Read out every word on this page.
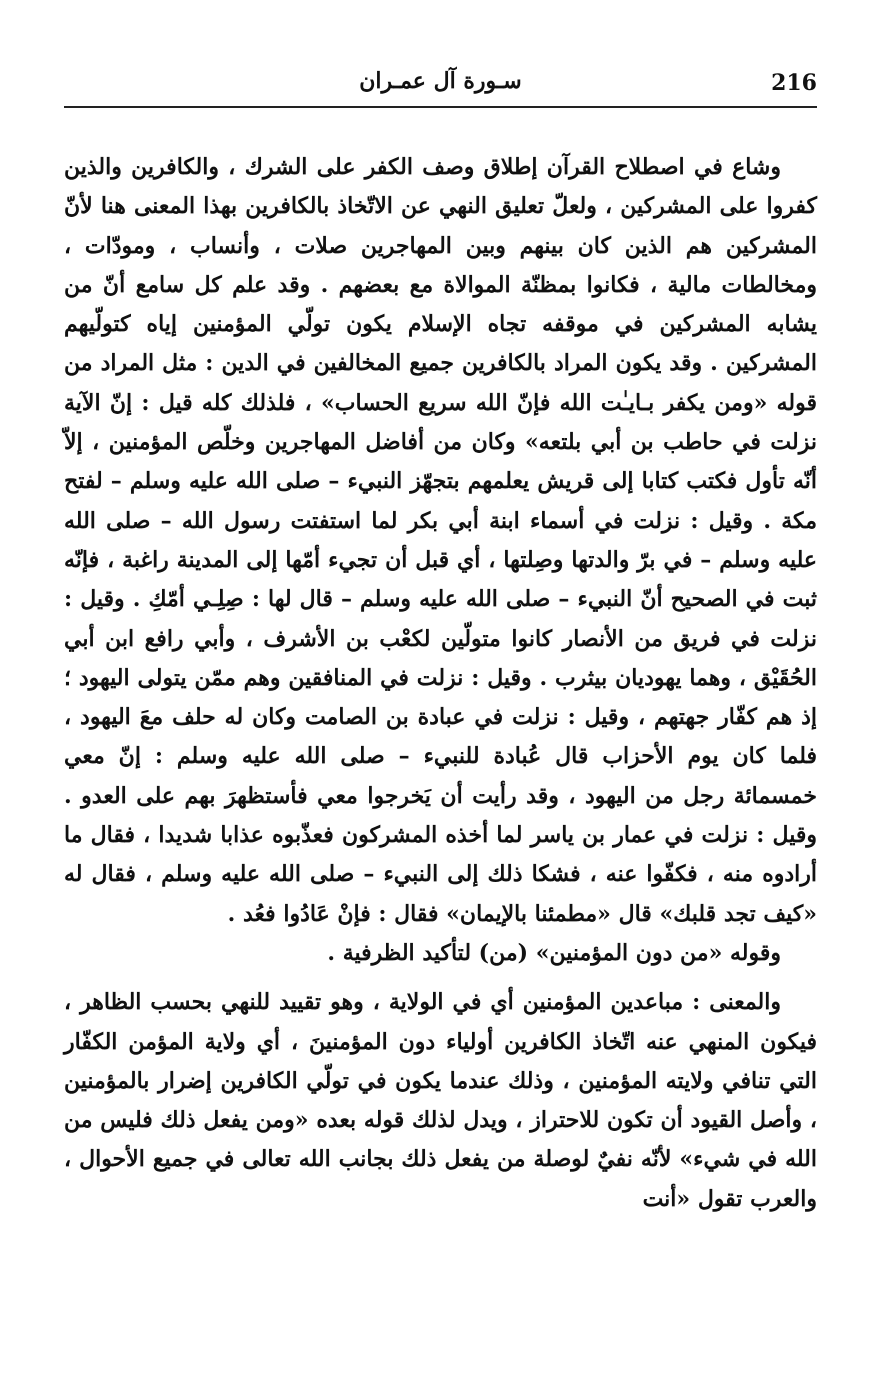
216
سـورة آل عمـران

وشاع في اصطلاح القرآن إطلاق وصف الكفر على الشرك ، والكافرين والذين كفروا على المشركين ، ولعلّ تعليق النهي عن الاتّخاذ بالكافرين بهذا المعنى هنا لأنّ المشركين هم الذين كان بينهم وبين المهاجرين صلات ، وأنساب ، ومودّات ، ومخالطات مالية ، فكانوا بمظنّة الموالاة مع بعضهم . وقد علم كل سامع أنّ من يشابه المشركين في موقفه تجاه الإسلام يكون تولّي المؤمنين إياه كتولّيهم المشركين . وقد يكون المراد بالكافرين جميع المخالفين في الدين : مثل المراد من قوله «ومن يكفر بـايـٰت الله فإنّ الله سريع الحساب» ، فلذلك كله قيل : إنّ الآية نزلت في حاطب بن أبي بلتعه» وكان من أفاضل المهاجرين وخلّص المؤمنين ، إلاّ أنّه تأول فكتب كتابا إلى قريش يعلمهم بتجهّز النبيء – صلى الله عليه وسلم – لفتح مكة . وقيل : نزلت في أسماء ابنة أبي بكر لما استفتت رسول الله – صلى الله عليه وسلم – في برّ والدتها وصِلتها ، أي قبل أن تجيء أمّها إلى المدينة راغبة ، فإنّه ثبت في الصحيح أنّ النبيء – صلى الله عليه وسلم – قال لها : صِلِـي أمّكِ . وقيل : نزلت في فريق من الأنصار كانوا متولّين لكعْب بن الأشرف ، وأبي رافع ابن أبي الحُقَيْق ، وهما يهوديان بيثرب . وقيل : نزلت في المنافقين وهم ممّن يتولى اليهود ؛ إذ هم كفّار جهتهم ، وقيل : نزلت في عبادة بن الصامت وكان له حلف معَ اليهود ، فلما كان يوم الأحزاب قال عُبادة للنبيء – صلى الله عليه وسلم : إنّ معي خمسمائة رجل من اليهود ، وقد رأيت أن يَخرجوا معي فأستظهرَ بهم على العدو . وقيل : نزلت في عمار بن ياسر لما أخذه المشركون فعذّبوه عذابا شديدا ، فقال ما أرادوه منه ، فكفّوا عنه ، فشكا ذلك إلى النبيء – صلى الله عليه وسلم ، فقال له «كيف تجد قلبك» قال «مطمئنا بالإيمان» فقال : فإنْ عَادُوا فعُد .

وقوله «من دون المؤمنين» (من) لتأكيد الظرفية .

والمعنى : مباعدين المؤمنين أي في الولاية ، وهو تقييد للنهي بحسب الظاهر ، فيكون المنهي عنه اتّخاذ الكافرين أولياء دون المؤمنينَ ، أي ولاية المؤمن الكفّار التي تنافي ولايته المؤمنين ، وذلك عندما يكون في تولّي الكافرين إضرار بالمؤمنين ، وأصل القيود أن تكون للاحتراز ، ويدل لذلك قوله بعده «ومن يفعل ذلك فليس من الله في شيء» لأنّه نفيٌ لوصلة من يفعل ذلك بجانب الله تعالى في جميع الأحوال ، والعرب تقول «أنت
